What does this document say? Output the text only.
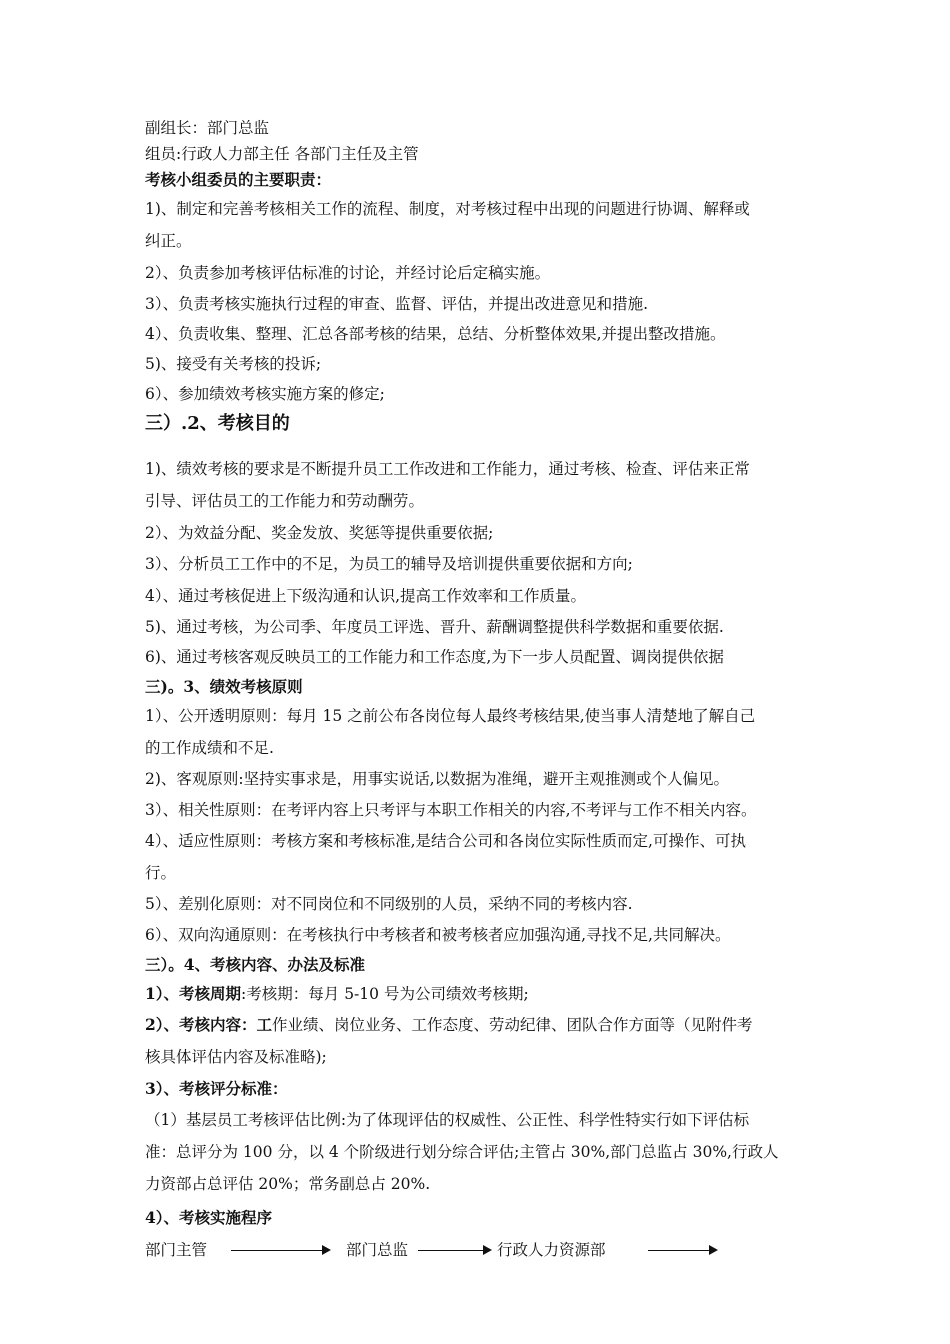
副组长：部门总监
组员:行政人力部主任 各部门主任及主管
考核小组委员的主要职责：
1)、制定和完善考核相关工作的流程、制度，对考核过程中出现的问题进行协调、解释或
纠正。
2）、负责参加考核评估标准的讨论，并经讨论后定稿实施。
3）、负责考核实施执行过程的审查、监督、评估，并提出改进意见和措施.
4）、负责收集、整理、汇总各部考核的结果，总结、分析整体效果,并提出整改措施。
5)、接受有关考核的投诉;
6）、参加绩效考核实施方案的修定;
三）.2、考核目的
1)、绩效考核的要求是不断提升员工工作改进和工作能力，通过考核、检查、评估来正常
引导、评估员工的工作能力和劳动酬劳。
2）、为效益分配、奖金发放、奖惩等提供重要依据;
3）、分析员工工作中的不足，为员工的辅导及培训提供重要依据和方向;
4）、通过考核促进上下级沟通和认识,提高工作效率和工作质量。
5)、通过考核，为公司季、年度员工评选、晋升、薪酬调整提供科学数据和重要依据.
6)、通过考核客观反映员工的工作能力和工作态度,为下一步人员配置、调岗提供依据
三)。3、绩效考核原则
1）、公开透明原则：每月 15 之前公布各岗位每人最终考核结果,使当事人清楚地了解自己
的工作成绩和不足.
2)、客观原则:坚持实事求是，用事实说话,以数据为准绳，避开主观推测或个人偏见。
3）、相关性原则：在考评内容上只考评与本职工作相关的内容,不考评与工作不相关内容。
4）、适应性原则：考核方案和考核标准,是结合公司和各岗位实际性质而定,可操作、可执
行。
5）、差别化原则：对不同岗位和不同级别的人员，采纳不同的考核内容.
6）、双向沟通原则：在考核执行中考核者和被考核者应加强沟通,寻找不足,共同解决。
三）。4、考核内容、办法及标准
1）、考核周期:考核期：每月 5-10 号为公司绩效考核期;
2）、考核内容：工作业绩、岗位业务、工作态度、劳动纪律、团队合作方面等（见附件考
核具体评估内容及标准略);
3）、考核评分标准：
（1）基层员工考核评估比例:为了体现评估的权威性、公正性、科学性特实行如下评估标
准：总评分为 100 分，以 4 个阶级进行划分综合评估;主管占 30%,部门总监占 30%,行政人
力资部占总评估 20%；常务副总占 20%.
4）、考核实施程序
部门主管	部门总监	行政人力资源部
